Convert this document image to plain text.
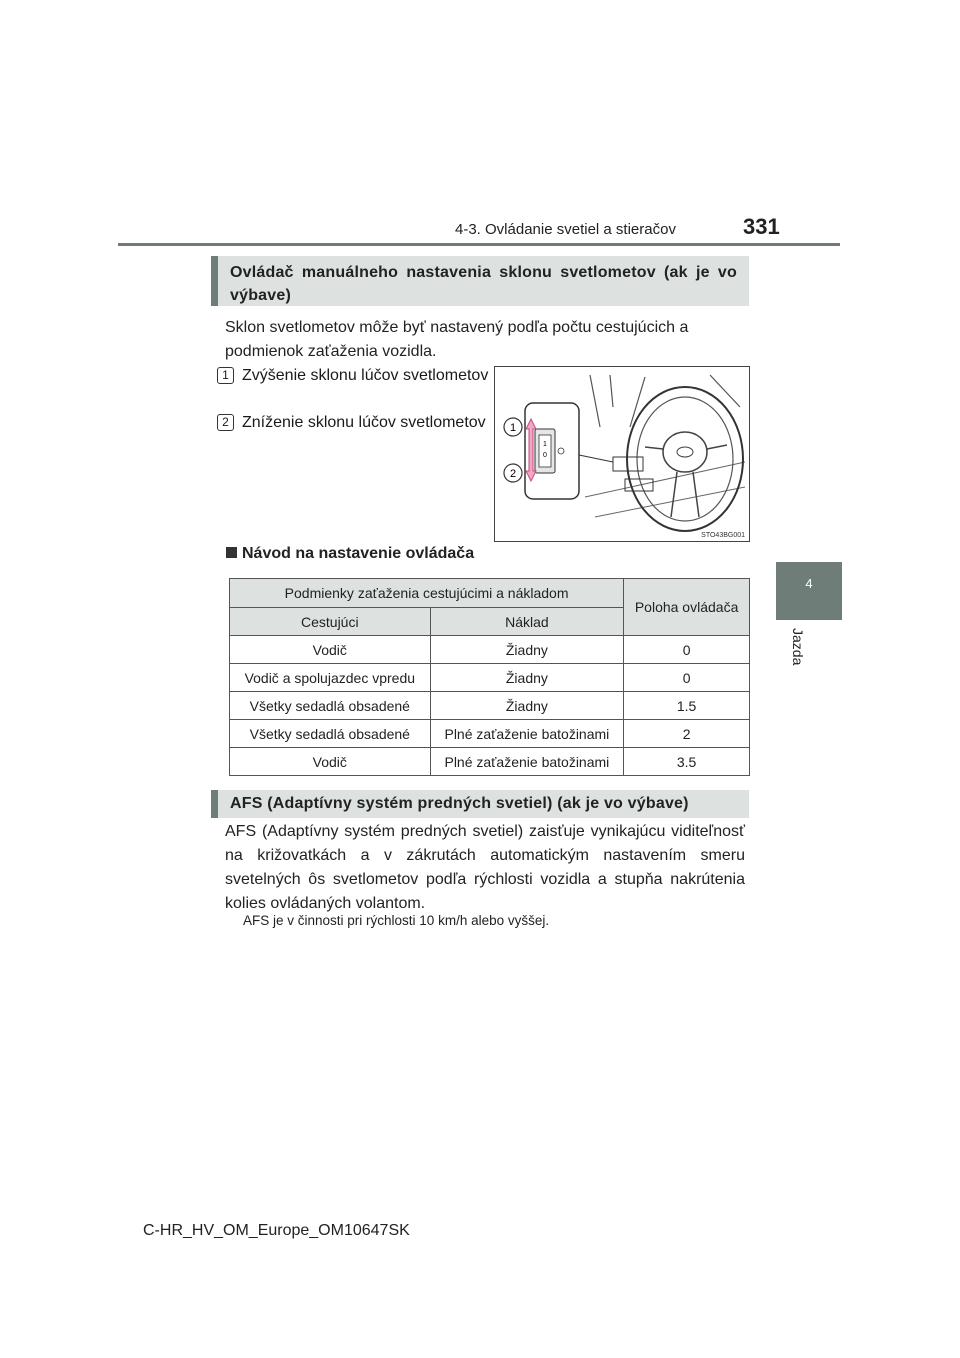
4-3. Ovládanie svetiel a stieračov	331
4
Jazda
Ovládač manuálneho nastavenia sklonu svetlometov (ak je vo
výbave)
Sklon svetlometov môže byť nastavený podľa počtu cestujúcich a podmienok zaťaženia vozidla.
1 Zvýšenie sklonu lúčov svetlometov
2 Zníženie sklonu lúčov svetlometov
1
0
1
2
STO43BG001
Návod na nastavenie ovládača
Podmienky zaťaženia cestujúcimi a nákladom		Poloha ovládača
Cestujúci	Náklad	
Vodič	Žiadny	0
Vodič a spolujazdec vpredu	Žiadny	0
Všetky sedadlá obsadené	Žiadny	1.5
Všetky sedadlá obsadené	Plné zaťaženie batožinami	2
Vodič	Plné zaťaženie batožinami	3.5
AFS (Adaptívny systém predných svetiel) (ak je vo výbave)
AFS (Adaptívny systém predných svetiel) zaisťuje vynikajúcu viditeľnosť na križovatkách a v zákrutách automatickým nastavením smeru svetelných ôs svetlometov podľa rýchlosti vozidla a stupňa nakrútenia kolies ovládaných volantom.
AFS je v činnosti pri rýchlosti 10 km/h alebo vyššej.
C-HR_HV_OM_Europe_OM10647SK
